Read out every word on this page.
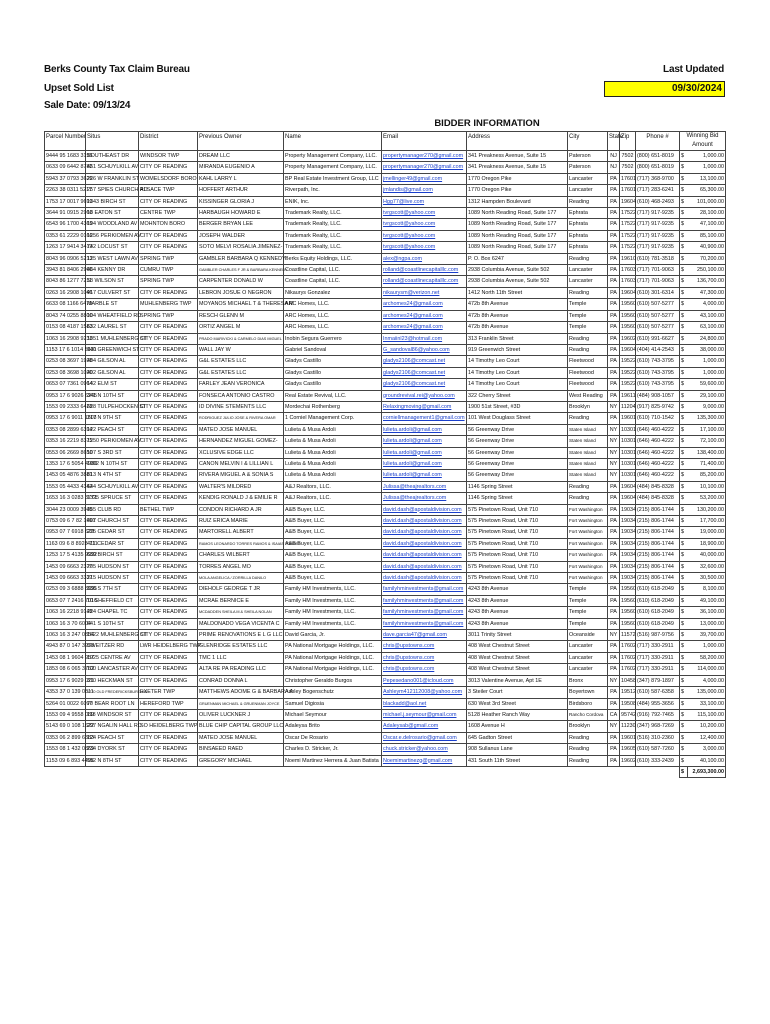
Berks County Tax Claim Bureau
Upset Sold List
Sale Date: 09/13/24
Last Updated
09/30/2024
BIDDER INFORMATION
Parcel Number	Situs	District	Previous Owner	Name	Email	Address	City	State	Zip	Phone #	Winning Bid Amount	
9444 95 1683 3195	SOUTHEAST DR	WINDSOR TWP	DREAM LLC	Property Management Company, LLC.	propertymanager270@gmail.com	341 Preakness Avenue, Suite 15	Paterson	NJ	7502	(800) 651-8019	$	1,000.00
0633 09 6442 8782	451 SCHUYLKILL AV	CITY OF READING	MIRANDA EUGENIO A	Property Management Company, LLC.	propertymanager270@gmail.com	341 Preakness Avenue, Suite 15	Paterson	NJ	7502	(800) 651-8019	$	1,000.00
5943 37 0793 3626	226 W FRANKLIN ST	WOMELSDORF BORO	KAHL LARRY L	BP Real Estate Investment Group, LLC	jmellinger49@gmail.com	1770 Oregon Pike	Lancaster	PA	17601	(717) 368-9700	$	13,100.00
2263 38 0311 5217	257 SPIES CHURCH RD	ALSACE TWP	HOFFERT ARTHUR	Riverpath, Inc.	jmlandis@gmail.com	1770 Oregon Pike	Lancaster	PA	17601	(717) 283-6241	$	65,300.00
1753 17 0017 9699	1343 BIRCH ST	CITY OF READING	KISSINGER GLORIA J	ENIK, Inc.	Hgg77@live.com	1312 Hampden Boulevard	Reading	PA	19604	(610) 468-2493	$	101,000.00
3644 91 0915 2960	18 EATON ST	CENTRE TWP	HARBAUGH HOWARD E	Trademark Realty, LLC.	tvrgscott@yahoo.com	1089 North Reading Road, Suite 177	Ephrata	PA	17522	(717) 917-9235	$	28,100.00
6543 96 1700 4369	194 WOODLAND AV	MOHNTON BORO	BERGER BRYAN LEE	Trademark Realty, LLC.	tvrgscott@yahoo.com	1089 North Reading Road, Suite 177	Ephrata	PA	17522	(717) 917-9235	$	47,100.00
0353 61 2229 0166	1256 PERKIOMEN AV	CITY OF READING	JOSEPH WALDER	Trademark Realty, LLC.	tvrgscott@yahoo.com	1089 North Reading Road, Suite 177	Ephrata	PA	17522	(717) 917-9235	$	85,100.00
1263 17 9414 3413	742 LOCUST ST	CITY OF READING	SOTO MELVI ROSALIA JIMENEZ-	Trademark Realty, LLC.	tvrgscott@yahoo.com	1089 North Reading Road, Suite 177	Ephrata	PA	17522	(717) 917-9235	$	40,900.00
8043 96 0906 5213	125 WEST LAWN AV	SPRING TWP	GAMBLER BARBARA Q KENNEDY-	Berks Equity Holdings, LLC.	alex@ngpa.com	P. O. Box 6247	Reading	PA	19610	(610) 781-3518	$	70,200.00
3943 81 8406 2960	464 KENNY DR	CUMRU TWP	GAMBLER CHARLES F JR & BARBARA KENNEDY	Coastline Capital, LLC.	rolland@coastlinecapitalllc.com	2938 Columbia Avenue, Suite 502	Lancaster	PA	17603	(717) 701-9063	$	250,100.00
8043 86 1277 7211	58 WILSON ST	SPRING TWP	CARPENTER DONALD W	Coastline Capital, LLC.	rolland@coastlinecapitalllc.com	2938 Columbia Avenue, Suite 502	Lancaster	PA	17603	(717) 701-9063	$	136,700.00
0263 16 2908 1046	917 CULVERT ST	CITY OF READING	LEBRON JOSUE O NEGRON	Nikaurys Gonzalez	nikaurysm@verizon.net	1412 North 11th Street	Reading	PA	19604	(610) 301-6314	$	47,300.00
6633 08 1166 6479	MARBLE ST	MUHLENBERG TWP	MOYANOS MICHAEL T & THERESA M	ARC Homes, LLC.	archomes24@gmail.com	472b 8th Avenue	Temple	PA	19560	(610) 507-5277	$	4,000.00
8043 74 0255 8800	104 WHEATFIELD RD	SPRING TWP	RESCH GLENN M	ARC Homes, LLC.	archomes24@gmail.com	472b 8th Avenue	Temple	PA	19560	(610) 507-5277	$	43,100.00
0153 08 4187 1583	632 LAUREL ST	CITY OF READING	ORTIZ ANGEL M	ARC Homes, LLC.	archomes24@gmail.com	472b 8th Avenue	Temple	PA	19560	(610) 507-5277	$	63,100.00
1063 16 2908 9233	1051 MUHLENBERG ST	CITY OF READING	PRADO MARIVICKI & CARMELO DIAS MIGUEL	Inobin Segura Guerrero	Inmaiinl23@hotmail.com	313 Franklin Street	Reading	PA	19602	(610) 991-6627	$	24,800.00
1153 17 6 1014 5631	940 GREENWICH ST	CITY OF READING	WALL JAY W	Gabriel Sandoval	G_sandoval86@yahoo.com	919 Greenwich Street	Reading	PA	19604	(404) 414-2543	$	38,000.00
0253 08 3697 1928	404 GILSON AL	CITY OF READING	G&L ESTATES LLC	Gladys Castillo	gladys2106@comcast.net	14 Timothy Leo Court	Fleetwood	PA	19522	(610) 743-3795	$	1,000.00
0253 08 3698 1020	402 GILSON AL	CITY OF READING	G&L ESTATES LLC	Gladys Castillo	gladys2106@comcast.net	14 Timothy Leo Court	Fleetwood	PA	19522	(610) 743-3795	$	1,000.00
0653 07 7361 0964	142 ELM ST	CITY OF READING	FARLEY JEAN VERONICA	Gladys Castillo	gladys2106@comcast.net	14 Timothy Leo Court	Fleetwood	PA	19522	(610) 743-3795	$	59,600.00
0953 17 6 9026 6245	341 N 10TH ST	CITY OF READING	FONSECA ANTONIO CASTRO	Real Estate Revival, LLC.	groundrevival.rei@yahoo.com	322 Cherry Street	West Reading	PA	19611	(484) 908-1057	$	29,100.00
1553 09 2333 6428	628 TULPEHOCKEN ST	CITY OF READING	ID DIVINE STEMENTS LLC	Mordechai Rothenberg	Relaxingmoving@gmail.com	1900 51st Street, #3D	Brooklyn	NY	11204	(917) 825-9742	$	9,000.00
0953 17 6 9011 1503	217 N 9TH ST	CITY OF READING	RODRIGUEZ JULIO JOSE & RIVERA OMAR	1 Corniel Management Corp.	corniellmanagement1@gmail.com	101 West Douglass Street	Reading	PA	19601	(610) 710-1542	$	135,300.00
0353 08 2899 6394	122 PEACH ST	CITY OF READING	MATEO JOSE MANUEL	Lulieta & Musa Ardoli	lulieta.ardoli@gmail.com	56 Greenway Drive	Staten Island	NY	10301	(646) 460-4222	$	17,100.00
0353 16 2219 8375	1250 PERKIOMEN AV	CITY OF READING	HERNANDEZ MIGUEL GOMEZ-	Lulieta & Musa Ardoli	lulieta.ardoli@gmail.com	56 Greenway Drive	Staten Island	NY	10301	(646) 460-4222	$	72,100.00
0553 06 2669 8650	107 S 3RD ST	CITY OF READING	XCLUSIVE EDGE LLC	Lulieta & Musa Ardoli	lulieta.ardoli@gmail.com	56 Greenway Drive	Staten Island	NY	10301	(646) 460-4222	$	138,400.00
1353 17 6 5054 4980	1002 N 10TH ST	CITY OF READING	CANON MELVIN I & LILLIAN L	Lulieta & Musa Ardoli	lulieta.ardoli@gmail.com	56 Greenway Drive	Staten Island	NY	10301	(646) 460-4222	$	71,400.00
1453 05 4876 3881	813 N 4TH ST	CITY OF READING	RIVERA MIGUEL A & SONIA S	Lulieta & Musa Ardoli	lulieta.ardoli@gmail.com	56 Greenway Drive	Staten Island	NY	10301	(646) 460-4222	$	85,200.00
1553 05 4433 4342	544 SCHUYLKILL AV	CITY OF READING	WALTER'S MILDRED	A&J Realtors, LLC.	Julissa@theajrealtors.com	1146 Spring Street	Reading	PA	19604	(484) 845-8328	$	10,100.00
1653 16 3 0283 3771	1325 SPRUCE ST	CITY OF READING	KENDIG RONALD J & EMILIE R	A&J Realtors, LLC.	Julissa@theajrealtors.com	1146 Spring Street	Reading	PA	19604	(484) 845-8328	$	53,200.00
3044 23 0009 3949	355 CLUB RD	BETHEL TWP	CONDON RICHARD A JR	A&B Buyer, LLC.	david.dash@apostaldivision.com	575 Pinetown Road, Unit 710	Fort Washington	PA	19034	(215) 806-1744	$	130,200.00
0753 09 6 7 82 1691	407 CHURCH ST	CITY OF READING	RUIZ ERICA MARIE	A&B Buyer, LLC.	david.dash@apostaldivision.com	575 Pinetown Road, Unit 710	Fort Washington	PA	19034	(215) 806-1744	$	17,700.00
0953 07 7 6918 629	225 CEDAR ST	CITY OF READING	MARTORELL ALBERT	A&B Buyer, LLC.	david.dash@apostaldivision.com	575 Pinetown Road, Unit 710	Fort Washington	PA	19034	(215) 806-1744	$	19,000.00
1163 09 6 8 8928 711	411 CEDAR ST	CITY OF READING	RAMOS LEONARDO TORRES RAMOS & ISAIAS TORRES	A&B Buyer, LLC.	david.dash@apostaldivision.com	575 Pinetown Road, Unit 710	Fort Washington	PA	19034	(215) 806-1744	$	18,900.00
1253 17 5 4135 9992	639 BIRCH ST	CITY OF READING	CHARLES WILBERT	A&B Buyer, LLC.	david.dash@apostaldivision.com	575 Pinetown Road, Unit 710	Fort Washington	PA	19034	(215) 806-1744	$	40,000.00
1453 09 6663 2377	205 HUDSON ST	CITY OF READING	TORRES ANGEL MO	A&B Buyer, LLC.	david.dash@apostaldivision.com	575 Pinetown Road, Unit 710	Fort Washington	PA	19034	(215) 806-1744	$	32,600.00
1453 09 6663 3337	215 HUDSON ST	CITY OF READING	MOLA ANGELICA / ZORRILLA DANILO	A&B Buyer, LLC.	david.dash@apostaldivision.com	575 Pinetown Road, Unit 710	Fort Washington	PA	19034	(215) 806-1744	$	30,500.00
0253 09 3 6888 8095	336 S 7TH ST	CITY OF READING	DIEHOLF GEORGE T JR	Family HM Investments, LLC.	familyhminvestments@gmail.com	4243 8th Avenue	Temple	PA	19560	(610) 618-2049	$	8,100.00
0653 07 7 2416 7016	10 SHEFFIELD CT	CITY OF READING	MCRAE BERNICE E	Family HM Investments, LLC.	familyhminvestments@gmail.com	4243 8th Avenue	Temple	PA	19560	(610) 618-2049	$	49,100.00
1063 16 2218 9148	224 CHAPEL TC	CITY OF READING	MCDADDEN SHEILA M & SHEILA NOLAN	Family HM Investments, LLC.	familyhminvestments@gmail.com	4243 8th Avenue	Temple	PA	19560	(610) 618-2049	$	36,100.00
1063 16 3 70 6004	641 S 10TH ST	CITY OF READING	MALDONADO VEGA VICENTA C	Family HM Investments, LLC.	familyhminvestments@gmail.com	4243 8th Avenue	Temple	PA	19560	(610) 618-2049	$	13,000.00
1063 16 3 247 0854	1622 MUHLENBERG ST	CITY OF READING	PRIME RENOVATIONS E L G LLC	David Garcia, Jr.	dave.garcia47@gmail.com	3011 Trinity Street	Oceanside	NY	11572	(516) 987-9756	$	39,700.00
4943 87 0 147 3933	SWEITZER RD	LWR HEIDELBERG TWP	GLENRIDGE ESTATES LLC	PA National Mortgage Holdings, LLC.	chris@upstowns.com	408 West Chestnut Street	Lancaster	PA	17602	(717) 330-2911	$	1,000.00
1453 08 1 9604 957	1925 CENTRE AV	CITY OF READING	TMC 1 LLC	PA National Mortgage Holdings, LLC.	chris@upstowns.com	408 West Chestnut Street	Lancaster	PA	17602	(717) 330-2911	$	58,200.00
1853 08 6 065 3762	100 LANCASTER AV	CITY OF READING	ALTA RE PA READING LLC	PA National Mortgage Holdings, LLC.	chris@upstowns.com	408 West Chestnut Street	Lancaster	PA	17602	(717) 330-2911	$	114,000.00
0953 17 6 9029 021	310 HECKMAN ST	CITY OF READING	CONRAD DONNA L	Christopher Geraldo Burgos	Pepesedano001@icloud.com	3013 Valentine Avenue, Apt 1E	Bronx	NY	10458	(347) 879-1897	$	4,000.00
4353 37 0 139 0811	1770 OLD FREDERICKSBURG RD	EXETER TWP	MATTHEWS ADOME G & BARBARA A	Ashley Bogenschutz	Ashleym412112008@yahoo.com	3 Steiler Court	Boyertown	PA	19512	(610) 587-6358	$	135,000.00
5264 01 0022 6097	70 BEAR ROOT LN	HEREFORD TWP	GRUENMAN MICHAEL & GRUENMAN JOYCE	Samuel Digiosia	blackadd@aol.net	630 West 3rd Street	Birdsboro	PA	19508	(484) 955-3656	$	33,100.00
1553 09 4 9558 089	118 WINDSOR ST	CITY OF READING	OLIVER LUCKNER J	Michael Seymour	michael.j.seymour@gmail.com	5128 Heather Ranch Way	Rancho Cordova	CA	95742	(916) 792-7465	$	115,100.00
5143 69 0 108 1622	297 NGALIN HALL RD	SO HEIDELBERG TWP	BLUE CHIP CAPITAL GROUP LLC	Adaleysa Brito	Adaleysab@gmail.com	1608 Avenue H	Brooklyn	NY	11230	(347) 968-7269	$	10,200.00
0353 06 2 899 6383	124 PEACH ST	CITY OF READING	MATEO JOSE MANUEL	Oscar De Rosario	Oscar.e.delrosario@gmail.com	645 Gadton Street	Reading	PA	19601	(516) 310-2360	$	12,400.00
1553 08 1 432 0869	234 DYORK ST	CITY OF READING	BINSAEED RAED	Charles D. Stricker, Jr.	chuck.stricker@yahoo.com	908 Sullanus Lane	Reading	PA	19605	(610) 587-7260	$	3,000.00
1153 09 6 893 4408	552 N 8TH ST	CITY OF READING	GREGORY MICHAEL	Noemi Martinez Herrera & Juan Batista	Noemimartinezg@gmail.com	431 South 11th Street	Reading	PA	19602	(610) 333-2439	$	40,100.00
											$	2,693,300.00
